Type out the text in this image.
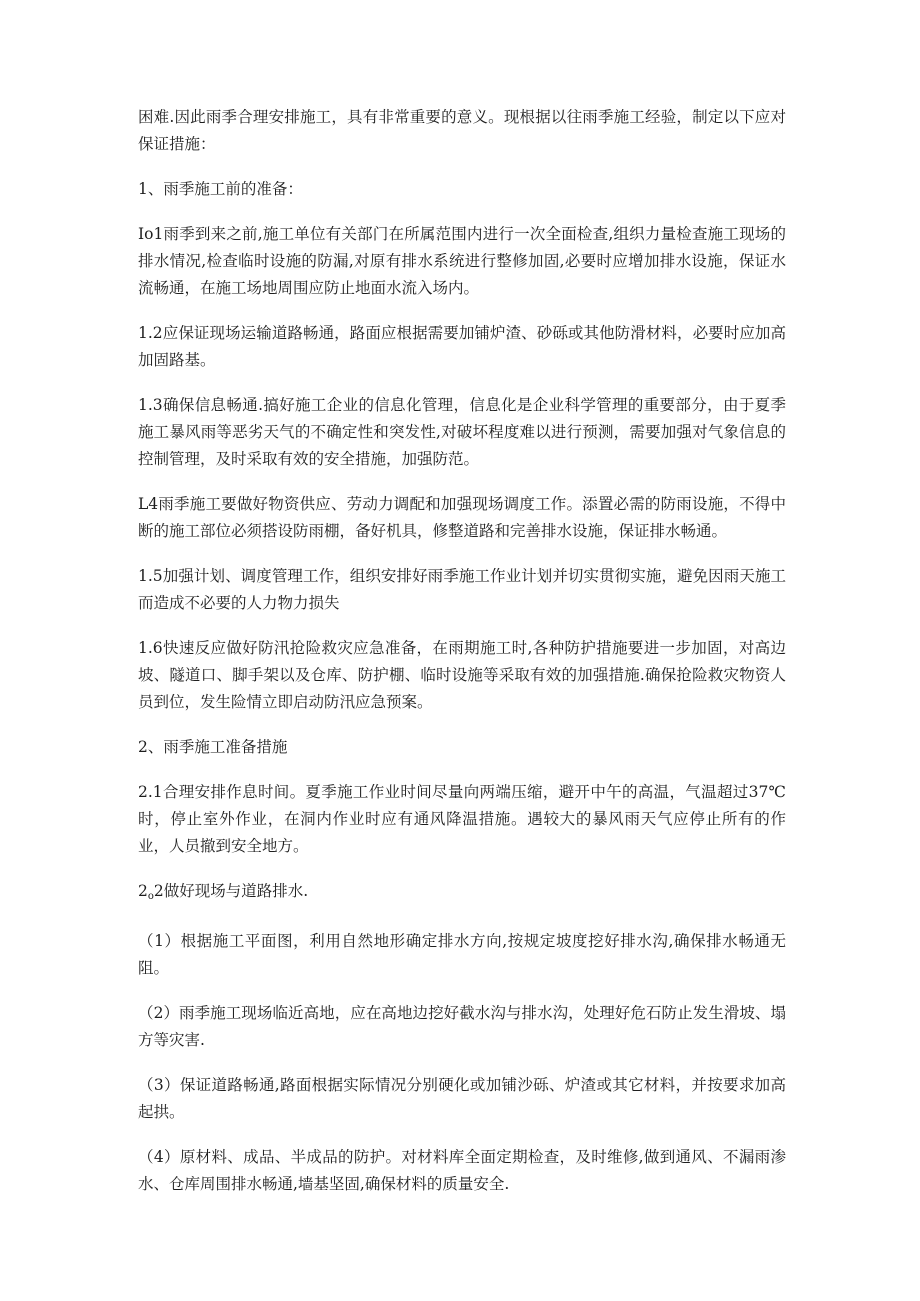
困难.因此雨季合理安排施工，具有非常重要的意义。现根据以往雨季施工经验，制定以下应对保证措施：

1、雨季施工前的准备：

Io1雨季到来之前,施工单位有关部门在所属范围内进行一次全面检查,组织力量检查施工现场的排水情况,检查临时设施的防漏,对原有排水系统进行整修加固,必要时应增加排水设施，保证水流畅通，在施工场地周围应防止地面水流入场内。

1.2应保证现场运输道路畅通，路面应根据需要加铺炉渣、砂砾或其他防滑材料，必要时应加高加固路基。

1.3确保信息畅通.搞好施工企业的信息化管理，信息化是企业科学管理的重要部分，由于夏季施工暴风雨等恶劣天气的不确定性和突发性,对破坏程度难以进行预测，需要加强对气象信息的控制管理，及时采取有效的安全措施，加强防范。

L4雨季施工要做好物资供应、劳动力调配和加强现场调度工作。添置必需的防雨设施，不得中断的施工部位必须搭设防雨棚，备好机具，修整道路和完善排水设施，保证排水畅通。

1.5加强计划、调度管理工作，组织安排好雨季施工作业计划并切实贯彻实施，避免因雨天施工而造成不必要的人力物力损失

1.6快速反应做好防汛抢险救灾应急准备，在雨期施工时,各种防护措施要进一步加固，对高边坡、隧道口、脚手架以及仓库、防护棚、临时设施等采取有效的加强措施.确保抢险救灾物资人员到位，发生险情立即启动防汛应急预案。

2、雨季施工准备措施

2.1合理安排作息时间。夏季施工作业时间尽量向两端压缩，避开中午的高温，气温超过37℃时，停止室外作业，在洞内作业时应有通风降温措施。遇较大的暴风雨天气应停止所有的作业，人员撤到安全地方。

$2_o2$做好现场与道路排水.

（1）根据施工平面图，利用自然地形确定排水方向,按规定坡度挖好排水沟,确保排水畅通无阻。

（2）雨季施工现场临近高地，应在高地边挖好截水沟与排水沟，处理好危石防止发生滑坡、塌方等灾害.

（3）保证道路畅通,路面根据实际情况分别硬化或加铺沙砾、炉渣或其它材料，并按要求加高起拱。

（4）原材料、成品、半成品的防护。对材料库全面定期检查，及时维修,做到通风、不漏雨渗水、仓库周围排水畅通,墙基坚固,确保材料的质量安全.
